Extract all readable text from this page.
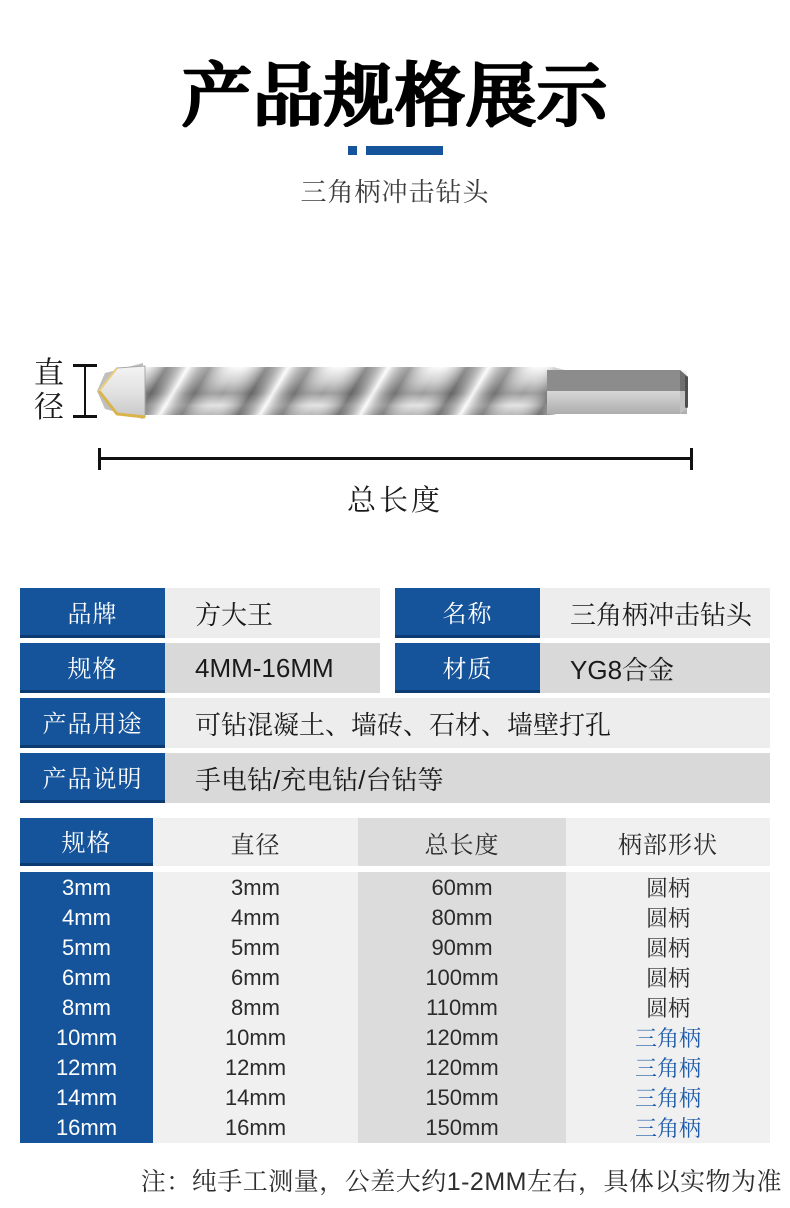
产品规格展示
三角柄冲击钻头
直径
总长度
品牌	方大王	名称	三角柄冲击钻头
规格	4MM-16MM	材质	YG8合金
产品用途	可钻混凝土、墙砖、石材、墙壁打孔
产品说明	手电钻/充电钻/台钻等
规格	直径	总长度	柄部形状
3mm	3mm	60mm	圆柄
4mm	4mm	80mm	圆柄
5mm	5mm	90mm	圆柄
6mm	6mm	100mm	圆柄
8mm	8mm	110mm	圆柄
10mm	10mm	120mm	三角柄
12mm	12mm	120mm	三角柄
14mm	14mm	150mm	三角柄
16mm	16mm	150mm	三角柄
注：纯手工测量，公差大约1-2MM左右，具体以实物为准
